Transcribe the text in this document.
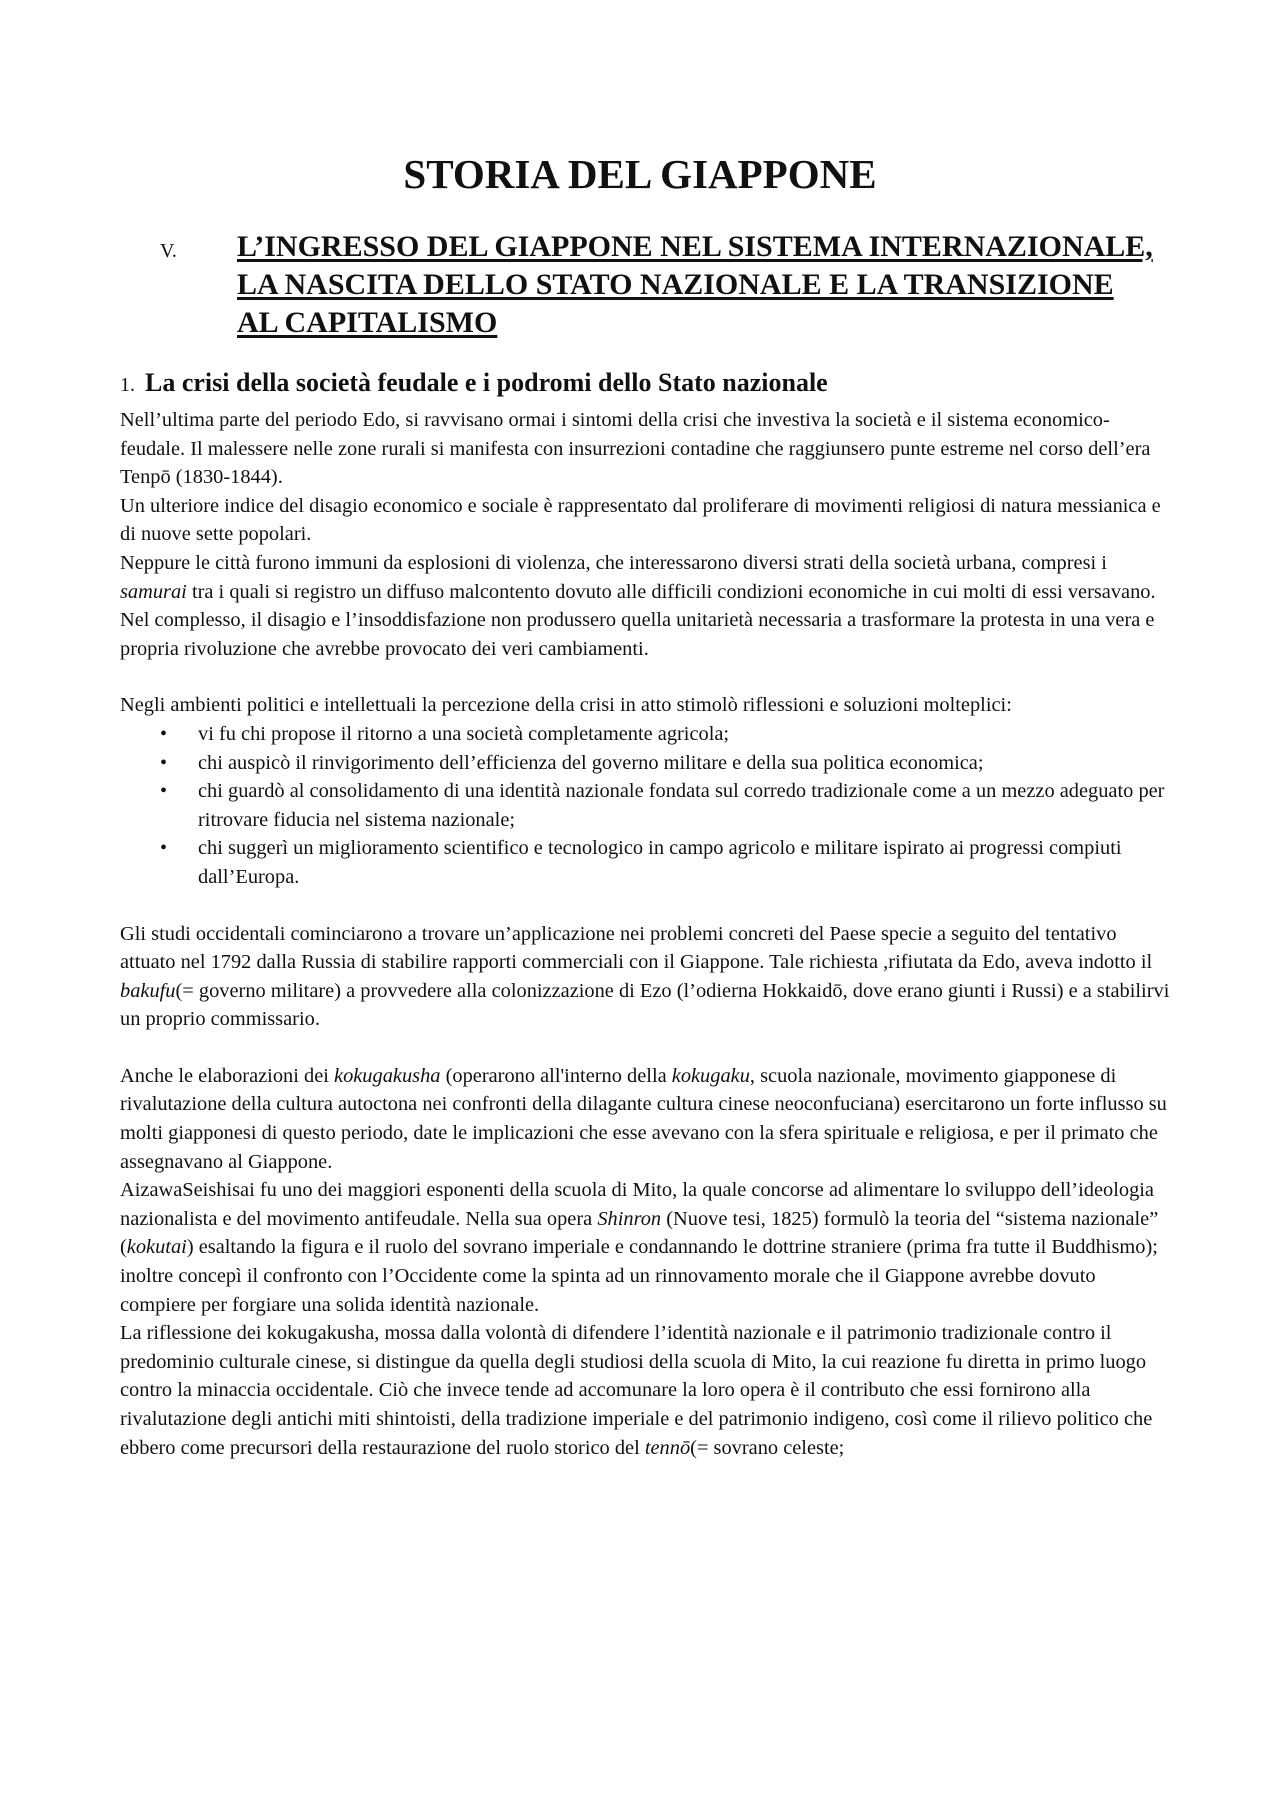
STORIA DEL GIAPPONE
V. L’INGRESSO DEL GIAPPONE NEL SISTEMA INTERNAZIONALE, LA NASCITA DELLO STATO NAZIONALE E LA TRANSIZIONE AL CAPITALISMO
1. La crisi della società feudale e i podromi dello Stato nazionale

Nell’ultima parte del periodo Edo, si ravvisano ormai i sintomi della crisi che investiva la società e il sistema economico-feudale. Il malessere nelle zone rurali si manifesta con insurrezioni contadine che raggiunsero punte estreme nel corso dell’era Tenpō (1830-1844).

Un ulteriore indice del disagio economico e sociale è rappresentato dal proliferare di movimenti religiosi di natura messianica e di nuove sette popolari.

Neppure le città furono immuni da esplosioni di violenza, che interessarono diversi strati della società urbana, compresi i samurai tra i quali si registro un diffuso malcontento dovuto alle difficili condizioni economiche in cui molti di essi versavano.

Nel complesso, il disagio e l’insoddisfazione non produssero quella unitarietà necessaria a trasformare la protesta in una vera e propria rivoluzione che avrebbe provocato dei veri cambiamenti.

Negli ambienti politici e intellettuali la percezione della crisi in atto stimolò riflessioni e soluzioni molteplici:

• vi fu chi propose il ritorno a una società completamente agricola;
• chi auspicò il rinvigorimento dell’efficienza del governo militare e della sua politica economica;
• chi guardò al consolidamento di una identità nazionale fondata sul corredo tradizionale come a un mezzo adeguato per ritrovare fiducia nel sistema nazionale;
• chi suggerì un miglioramento scientifico e tecnologico in campo agricolo e militare ispirato ai progressi compiuti dall’Europa.

Gli studi occidentali cominciarono a trovare un’applicazione nei problemi concreti del Paese specie a seguito del tentativo attuato nel 1792 dalla Russia di stabilire rapporti commerciali con il Giappone. Tale richiesta ,rifiutata da Edo, aveva indotto il bakufu(= governo militare) a provvedere alla colonizzazione di Ezo (l’odierna Hokkaidō, dove erano giunti i Russi) e a stabilirvi un proprio commissario.

Anche le elaborazioni dei kokugakusha (operarono all'interno della kokugaku, scuola nazionale, movimento giapponese di rivalutazione della cultura autoctona nei confronti della dilagante cultura cinese neoconfuciana) esercitarono un forte influsso su molti giapponesi di questo periodo, date le implicazioni che esse avevano con la sfera spirituale e religiosa, e per il primato che assegnavano al Giappone.

AizawaSeishisai fu uno dei maggiori esponenti della scuola di Mito, la quale concorse ad alimentare lo sviluppo dell’ideologia nazionalista e del movimento antifeudale. Nella sua opera Shinron (Nuove tesi, 1825) formulò la teoria del “sistema nazionale” (kokutai) esaltando la figura e il ruolo del sovrano imperiale e condannando le dottrine straniere (prima fra tutte il Buddhismo); inoltre concepì il confronto con l’Occidente come la spinta ad un rinnovamento morale che il Giappone avrebbe dovuto compiere per forgiare una solida identità nazionale.

La riflessione dei kokugakusha, mossa dalla volontà di difendere l’identità nazionale e il patrimonio tradizionale contro il predominio culturale cinese, si distingue da quella degli studiosi della scuola di Mito, la cui reazione fu diretta in primo luogo contro la minaccia occidentale. Ciò che invece tende ad accomunare la loro opera è il contributo che essi fornirono alla rivalutazione degli antichi miti shintoisti, della tradizione imperiale e del patrimonio indigeno, così come il rilievo politico che ebbero come precursori della restaurazione del ruolo storico del tennō(= sovrano celeste;
